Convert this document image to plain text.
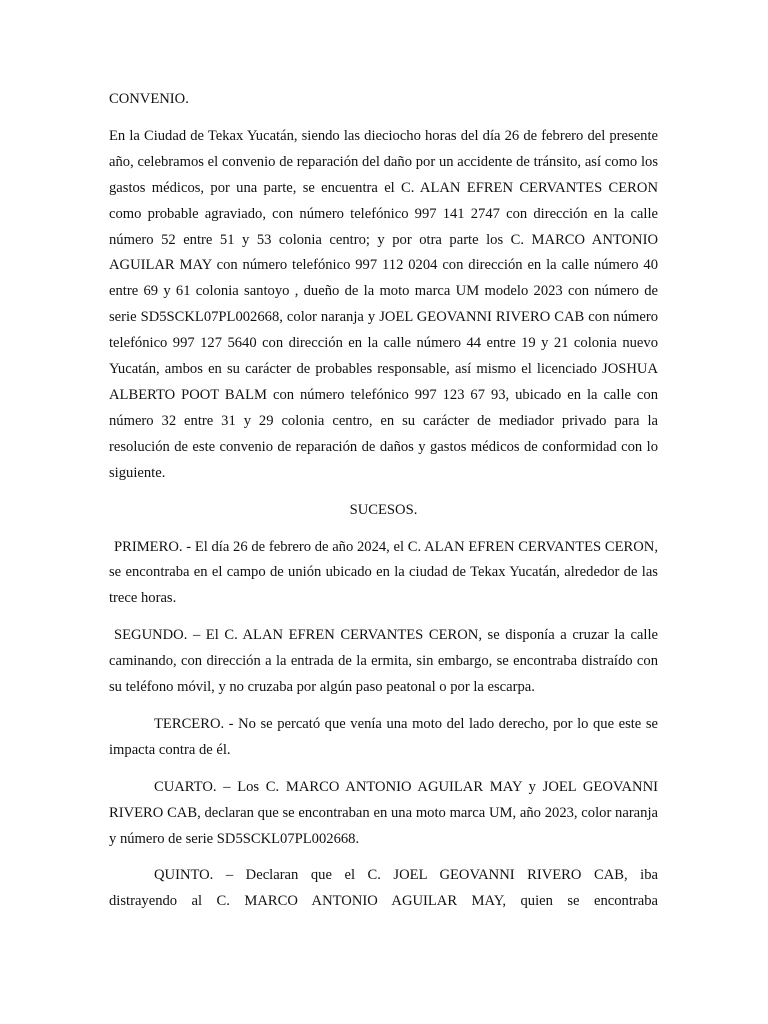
CONVENIO.

En la Ciudad de Tekax Yucatán, siendo las dieciocho horas del día 26 de febrero del presente año, celebramos el convenio de reparación del daño por un accidente de tránsito, así como los gastos médicos, por una parte, se encuentra el C. ALAN EFREN CERVANTES CERON como probable agraviado, con número telefónico 997 141 2747 con dirección en la calle número 52 entre 51 y 53 colonia centro; y por otra parte los C. MARCO ANTONIO AGUILAR MAY con número telefónico 997 112 0204 con dirección en la calle número 40 entre 69 y 61 colonia santoyo , dueño de la moto marca UM modelo 2023 con número de serie SD5SCKL07PL002668, color naranja y JOEL GEOVANNI RIVERO CAB con número telefónico 997 127 5640 con dirección en la calle número 44 entre 19 y 21 colonia nuevo Yucatán, ambos en su carácter de probables responsable, así mismo el licenciado JOSHUA ALBERTO POOT BALM con número telefónico 997 123 67 93, ubicado en la calle con número 32 entre 31 y 29 colonia centro, en su carácter de mediador privado para la resolución de este convenio de reparación de daños y gastos médicos de conformidad con lo siguiente.

SUCESOS.

PRIMERO. - El día 26 de febrero de año 2024, el C. ALAN EFREN CERVANTES CERON, se encontraba en el campo de unión ubicado en la ciudad de Tekax Yucatán, alrededor de las trece horas.

SEGUNDO. – El C. ALAN EFREN CERVANTES CERON, se disponía a cruzar la calle caminando, con dirección a la entrada de la ermita, sin embargo, se encontraba distraído con su teléfono móvil, y no cruzaba por algún paso peatonal o por la escarpa.

TERCERO. - No se percató que venía una moto del lado derecho, por lo que este se impacta contra de él.

CUARTO. – Los C. MARCO ANTONIO AGUILAR MAY y JOEL GEOVANNI RIVERO CAB, declaran que se encontraban en una moto marca UM, año 2023, color naranja y número de serie SD5SCKL07PL002668.

QUINTO. – Declaran que el C. JOEL GEOVANNI RIVERO CAB, iba
distrayendo al C. MARCO ANTONIO AGUILAR MAY, quien se encontraba
